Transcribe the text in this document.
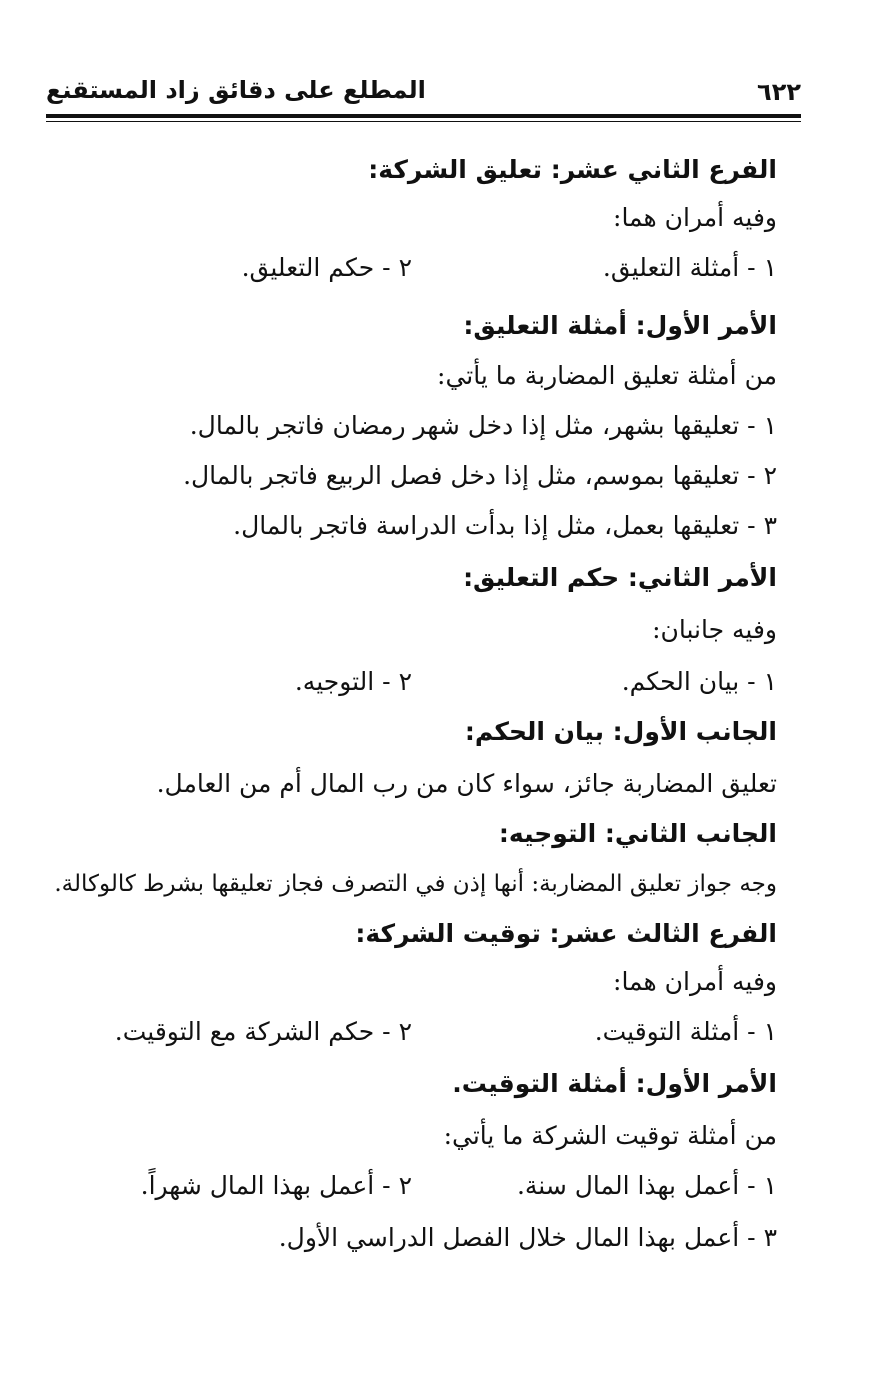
٦٢٢
المطلع على دقائق زاد المستقنع
الفرع الثاني عشر: تعليق الشركة:
وفيه أمران هما:
١ - أمثلة التعليق.
٢ - حكم التعليق.
الأمر الأول: أمثلة التعليق:
من أمثلة تعليق المضاربة ما يأتي:
١ - تعليقها بشهر، مثل إذا دخل شهر رمضان فاتجر بالمال.
٢ - تعليقها بموسم، مثل إذا دخل فصل الربيع فاتجر بالمال.
٣ - تعليقها بعمل، مثل إذا بدأت الدراسة فاتجر بالمال.
الأمر الثاني: حكم التعليق:
وفيه جانبان:
١ - بيان الحكم.
٢ - التوجيه.
الجانب الأول: بيان الحكم:
تعليق المضاربة جائز، سواء كان من رب المال أم من العامل.
الجانب الثاني: التوجيه:
وجه جواز تعليق المضاربة: أنها إذن في التصرف فجاز تعليقها بشرط كالوكالة.
الفرع الثالث عشر: توقيت الشركة:
وفيه أمران هما:
١ - أمثلة التوقيت.
٢ - حكم الشركة مع التوقيت.
الأمر الأول: أمثلة التوقيت.
من أمثلة توقيت الشركة ما يأتي:
١ - أعمل بهذا المال سنة.
٢ - أعمل بهذا المال شهراً.
٣ - أعمل بهذا المال خلال الفصل الدراسي الأول.
